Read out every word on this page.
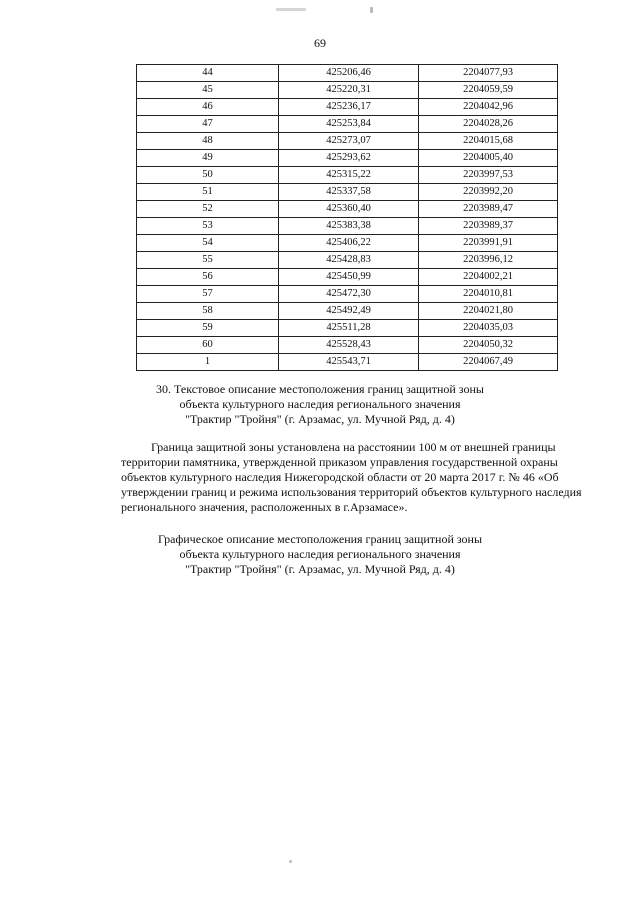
69
44	425206,46	2204077,93
45	425220,31	2204059,59
46	425236,17	2204042,96
47	425253,84	2204028,26
48	425273,07	2204015,68
49	425293,62	2204005,40
50	425315,22	2203997,53
51	425337,58	2203992,20
52	425360,40	2203989,47
53	425383,38	2203989,37
54	425406,22	2203991,91
55	425428,83	2203996,12
56	425450,99	2204002,21
57	425472,30	2204010,81
58	425492,49	2204021,80
59	425511,28	2204035,03
60	425528,43	2204050,32
1	425543,71	2204067,49
30. Текстовое описание местоположения границ защитной зоны
объекта культурного наследия регионального значения
"Трактир "Тройня" (г. Арзамас, ул. Мучной Ряд, д. 4)
Граница защитной зоны установлена на расстоянии 100 м от внешней границы
территории памятника, утвержденной приказом управления государственной охраны
объектов культурного наследия Нижегородской области от 20 марта 2017 г. № 46 «Об
утверждении границ и режима использования территорий объектов культурного наследия
регионального значения, расположенных в г.Арзамасе».
Графическое описание местоположения границ защитной зоны
объекта культурного наследия регионального значения
"Трактир "Тройня" (г. Арзамас, ул. Мучной Ряд, д. 4)
